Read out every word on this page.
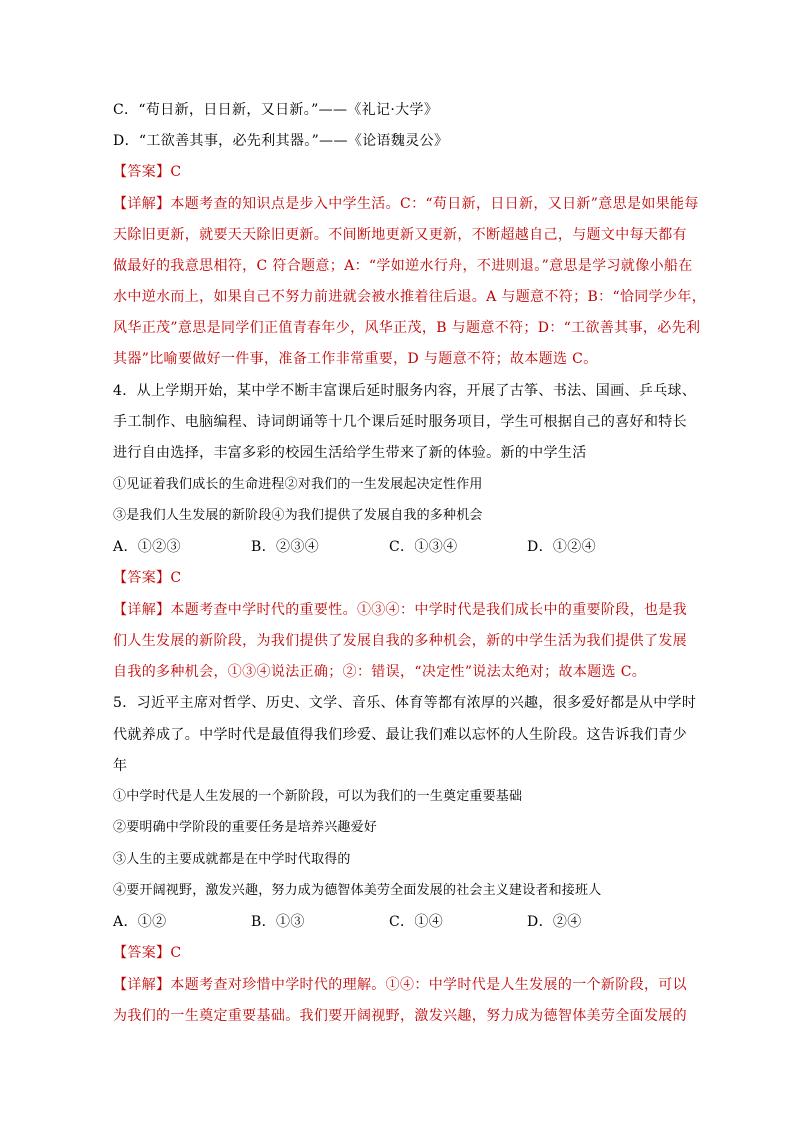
C．“苟日新，日日新，又日新。”——《礼记·大学》
D．“工欲善其事，必先利其器。”——《论语魏灵公》
【答案】C
【详解】本题考查的知识点是步入中学生活。C：“苟日新，日日新，又日新”意思是如果能每
天除旧更新，就要天天除旧更新。不间断地更新又更新，不断超越自己，与题文中每天都有
做最好的我意思相符，C 符合题意；A：“学如逆水行舟，不进则退。”意思是学习就像小船在
水中逆水而上，如果自己不努力前进就会被水推着往后退。A 与题意不符；B：“恰同学少年，
风华正茂”意思是同学们正值青春年少，风华正茂，B 与题意不符；D：“工欲善其事，必先利
其器”比喻要做好一件事，准备工作非常重要，D 与题意不符；故本题选 C。
4．从上学期开始，某中学不断丰富课后延时服务内容，开展了古筝、书法、国画、乒乓球、
手工制作、电脑编程、诗词朗诵等十几个课后延时服务项目，学生可根据自己的喜好和特长
进行自由选择，丰富多彩的校园生活给学生带来了新的体验。新的中学生活
①见证着我们成长的生命进程②对我们的一生发展起决定性作用
③是我们人生发展的新阶段④为我们提供了发展自我的多种机会
A．①②③	B．②③④	C．①③④	D．①②④
【答案】C
【详解】本题考查中学时代的重要性。①③④：中学时代是我们成长中的重要阶段，也是我
们人生发展的新阶段，为我们提供了发展自我的多种机会，新的中学生活为我们提供了发展
自我的多种机会，①③④说法正确；②：错误，“决定性”说法太绝对；故本题选 C。
5．习近平主席对哲学、历史、文学、音乐、体育等都有浓厚的兴趣，很多爱好都是从中学时
代就养成了。中学时代是最值得我们珍爱、最让我们难以忘怀的人生阶段。这告诉我们青少
年
①中学时代是人生发展的一个新阶段，可以为我们的一生奠定重要基础
②要明确中学阶段的重要任务是培养兴趣爱好
③人生的主要成就都是在中学时代取得的
④要开阔视野，激发兴趣，努力成为德智体美劳全面发展的社会主义建设者和接班人
A．①②	B．①③	C．①④	D．②④
【答案】C
【详解】本题考查对珍惜中学时代的理解。①④：中学时代是人生发展的一个新阶段，可以
为我们的一生奠定重要基础。我们要开阔视野，激发兴趣，努力成为德智体美劳全面发展的
